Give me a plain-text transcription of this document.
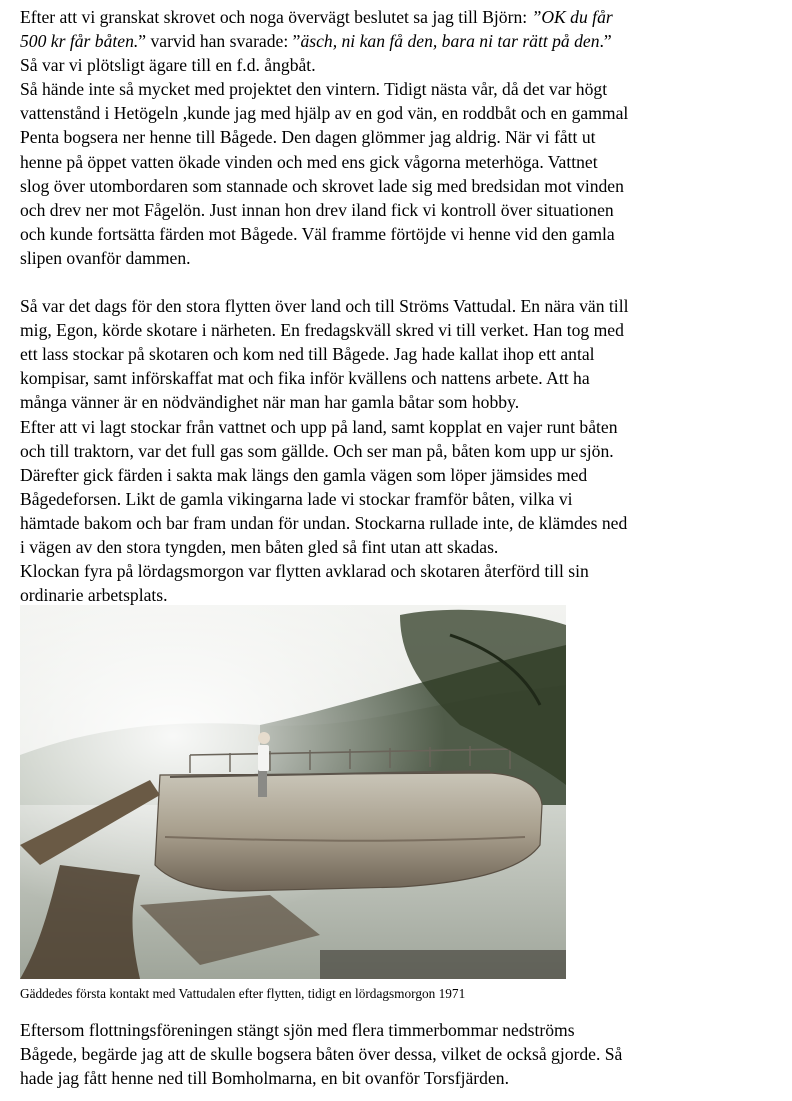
Efter att vi granskat skrovet och noga övervägt beslutet sa jag till Björn: ”OK du får
500 kr får båten.” varvid han svarade: ”äsch, ni kan få den, bara ni tar rätt på den.”
Så var vi plötsligt ägare till en f.d. ångbåt.

Så hände inte så mycket med projektet den vintern. Tidigt nästa vår, då det var högt
vattenstånd i Hetögeln ,kunde jag med hjälp av en god vän, en roddbåt och en gammal
Penta bogsera ner henne till Bågede. Den dagen glömmer jag aldrig. När vi fått ut
henne på öppet vatten ökade vinden och med ens gick vågorna meterhöga. Vattnet
slog över utombordaren som stannade och skrovet lade sig med bredsidan mot vinden
och drev ner mot Fågelön. Just innan hon drev iland fick vi kontroll över situationen
och kunde fortsätta färden mot Bågede. Väl framme förtöjde vi henne vid den gamla
slipen ovanför dammen.

Så var det dags för den stora flytten över land och till Ströms Vattudal. En nära vän till
mig, Egon, körde skotare i närheten. En fredagskväll skred vi till verket. Han tog med
ett lass stockar på skotaren och kom ned till Bågede. Jag hade kallat ihop ett antal
kompisar, samt införskaffat mat och fika inför kvällens och nattens arbete. Att ha
många vänner är en nödvändighet när man har gamla båtar som hobby.
Efter att vi lagt stockar från vattnet och upp på land, samt kopplat en vajer runt båten
och till traktorn, var det full gas som gällde. Och ser man på, båten kom upp ur sjön.
Därefter gick färden i sakta mak längs den gamla vägen som löper jämsides med
Bågedeforsen. Likt de gamla vikingarna lade vi stockar framför båten, vilka vi
hämtade bakom och bar fram undan för undan. Stockarna rullade inte, de klämdes ned
i vägen av den stora tyngden, men båten gled så fint utan att skadas.
Klockan fyra på lördagsmorgon var flytten avklarad och skotaren återförd till sin
ordinarie arbetsplats.

Gäddedes första kontakt med Vattudalen efter flytten, tidigt en lördagsmorgon 1971

Eftersom flottningsföreningen stängt sjön med flera timmerbommar nedströms
Bågede, begärde jag att de skulle bogsera båten över dessa, vilket de också gjorde. Så
hade jag fått henne ned till Bomholmarna, en bit ovanför Torsfjärden.
